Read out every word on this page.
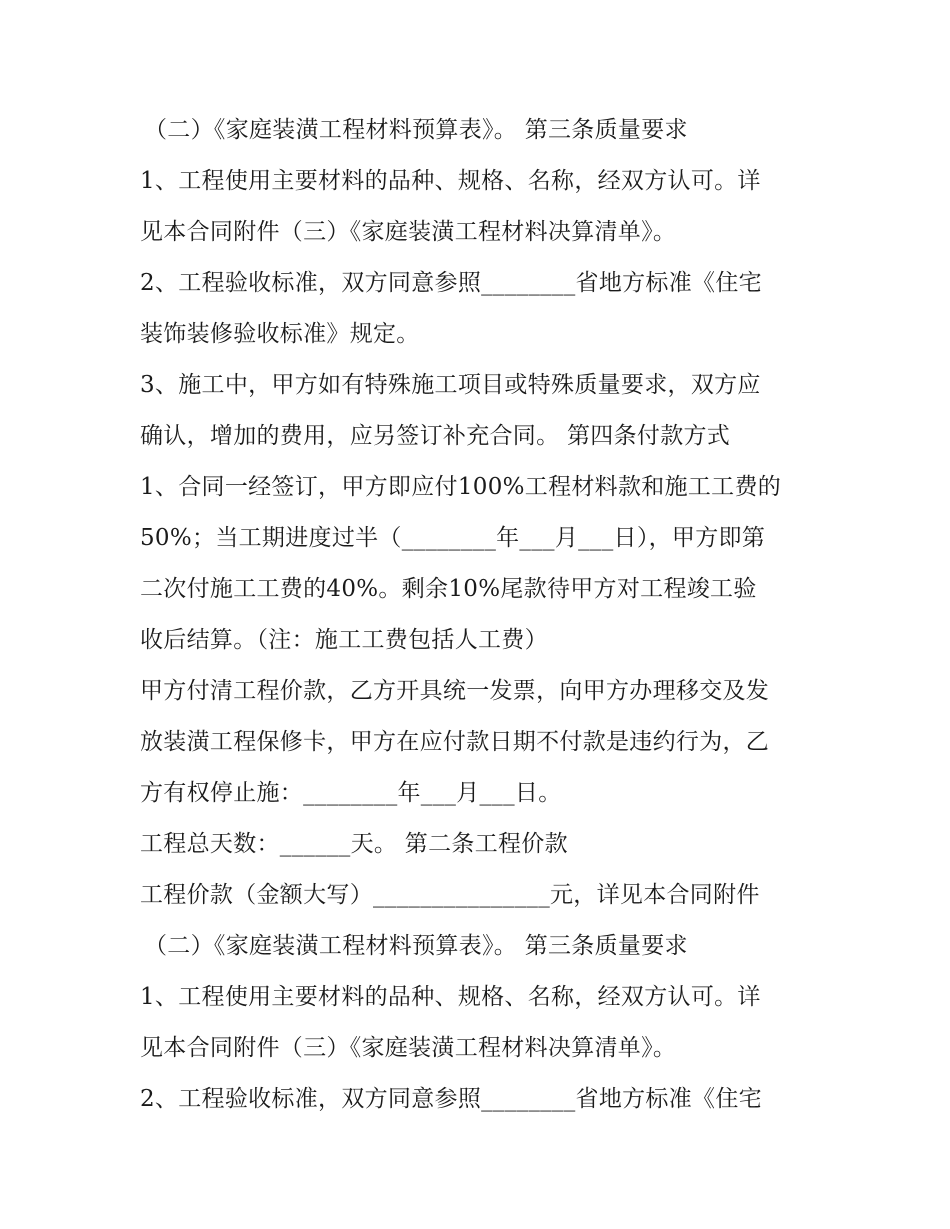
（二）《家庭装潢工程材料预算表》。 第三条质量要求
1、工程使用主要材料的品种、规格、名称，经双方认可。详
见本合同附件（三）《家庭装潢工程材料决算清单》。
2、工程验收标准，双方同意参照________省地方标准《住宅
装饰装修验收标准》规定。
3、施工中，甲方如有特殊施工项目或特殊质量要求，双方应
确认，增加的费用，应另签订补充合同。 第四条付款方式
1、合同一经签订，甲方即应付100%工程材料款和施工工费的
50%；当工期进度过半（________年___月___日），甲方即第
二次付施工工费的40%。剩余10%尾款待甲方对工程竣工验
收后结算。（注：施工工费包括人工费）
甲方付清工程价款，乙方开具统一发票，向甲方办理移交及发
放装潢工程保修卡，甲方在应付款日期不付款是违约行为，乙
方有权停止施：________年___月___日。
工程总天数：______天。 第二条工程价款
工程价款（金额大写）_______________元，详见本合同附件
（二）《家庭装潢工程材料预算表》。 第三条质量要求
1、工程使用主要材料的品种、规格、名称，经双方认可。详
见本合同附件（三）《家庭装潢工程材料决算清单》。
2、工程验收标准，双方同意参照________省地方标准《住宅
